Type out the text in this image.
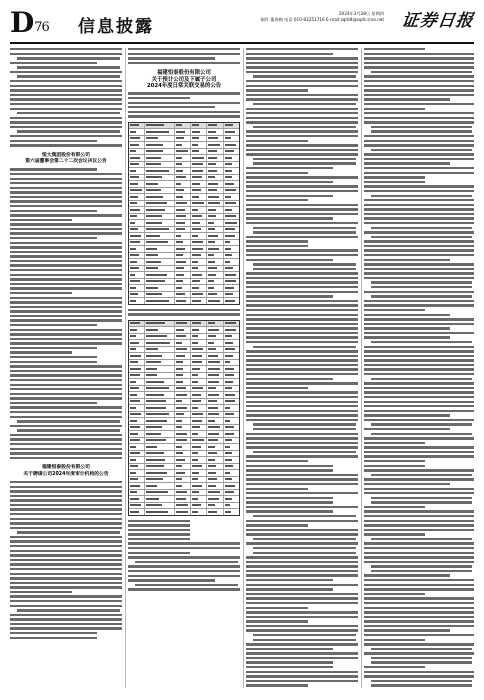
D76 信息披露
2024年3月28日 星期四
制作 董春梅 电话 010-83251716 E-mail:zqrb9@zqrb.sina.net 证券日报
恒大集团股份有限公司
第六届董事会第二十二次会议决议公告
福建恒泰股份有限公司
关于聘请公司2024年度审计机构的公告
福建恒泰股份有限公司
关于预计公司及下属子公司
2024年度日常关联交易的公告
